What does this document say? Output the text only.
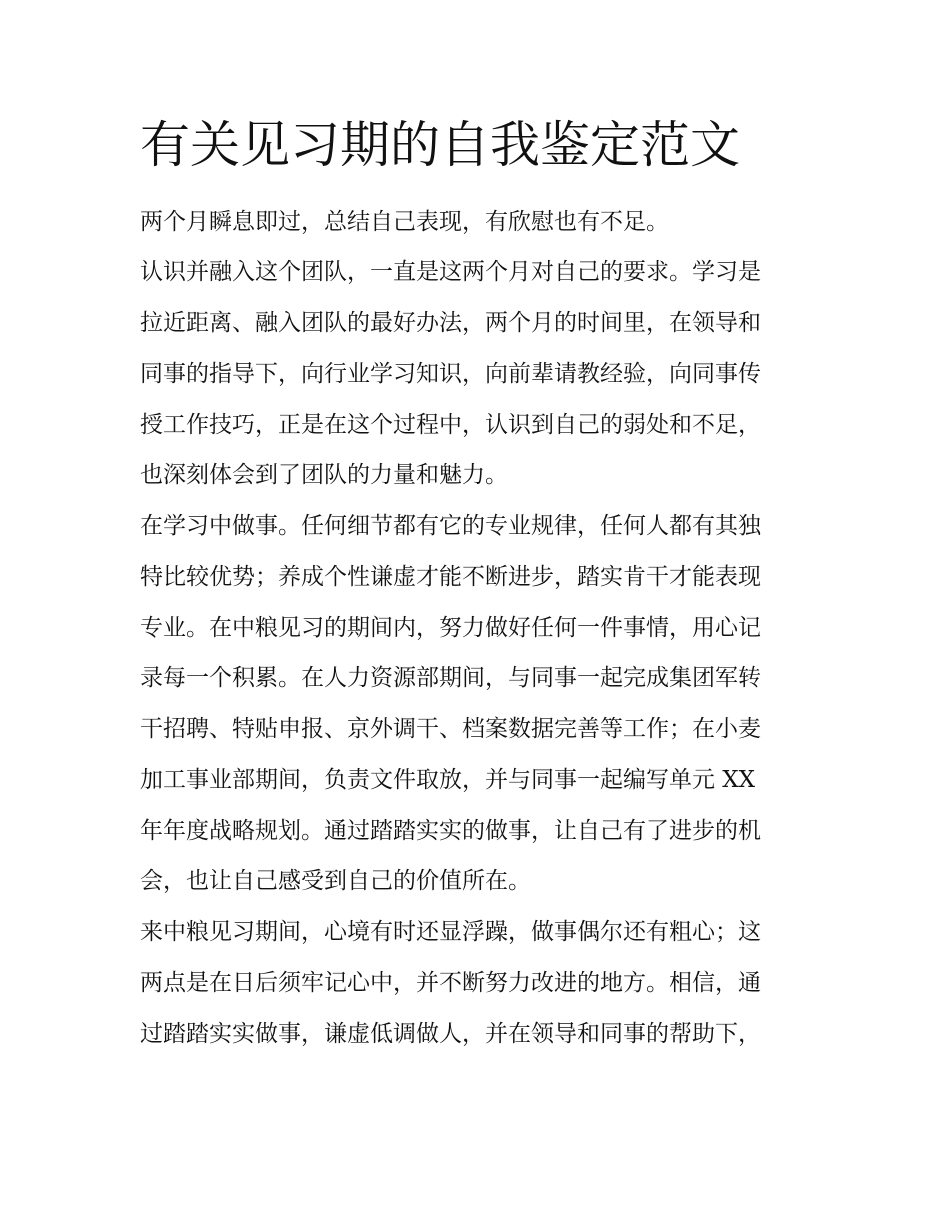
有关见习期的自我鉴定范文

两个月瞬息即过，总结自己表现，有欣慰也有不足。

认识并融入这个团队，一直是这两个月对自己的要求。学习是

拉近距离、融入团队的最好办法，两个月的时间里，在领导和

同事的指导下，向行业学习知识，向前辈请教经验，向同事传

授工作技巧，正是在这个过程中，认识到自己的弱处和不足，

也深刻体会到了团队的力量和魅力。

在学习中做事。任何细节都有它的专业规律，任何人都有其独

特比较优势；养成个性谦虚才能不断进步，踏实肯干才能表现

专业。在中粮见习的期间内，努力做好任何一件事情，用心记

录每一个积累。在人力资源部期间，与同事一起完成集团军转

干招聘、特贴申报、京外调干、档案数据完善等工作；在小麦

加工事业部期间，负责文件取放，并与同事一起编写单元 XX

年年度战略规划。通过踏踏实实的做事，让自己有了进步的机

会，也让自己感受到自己的价值所在。

来中粮见习期间，心境有时还显浮躁，做事偶尔还有粗心；这

两点是在日后须牢记心中，并不断努力改进的地方。相信，通

过踏踏实实做事，谦虚低调做人，并在领导和同事的帮助下，
